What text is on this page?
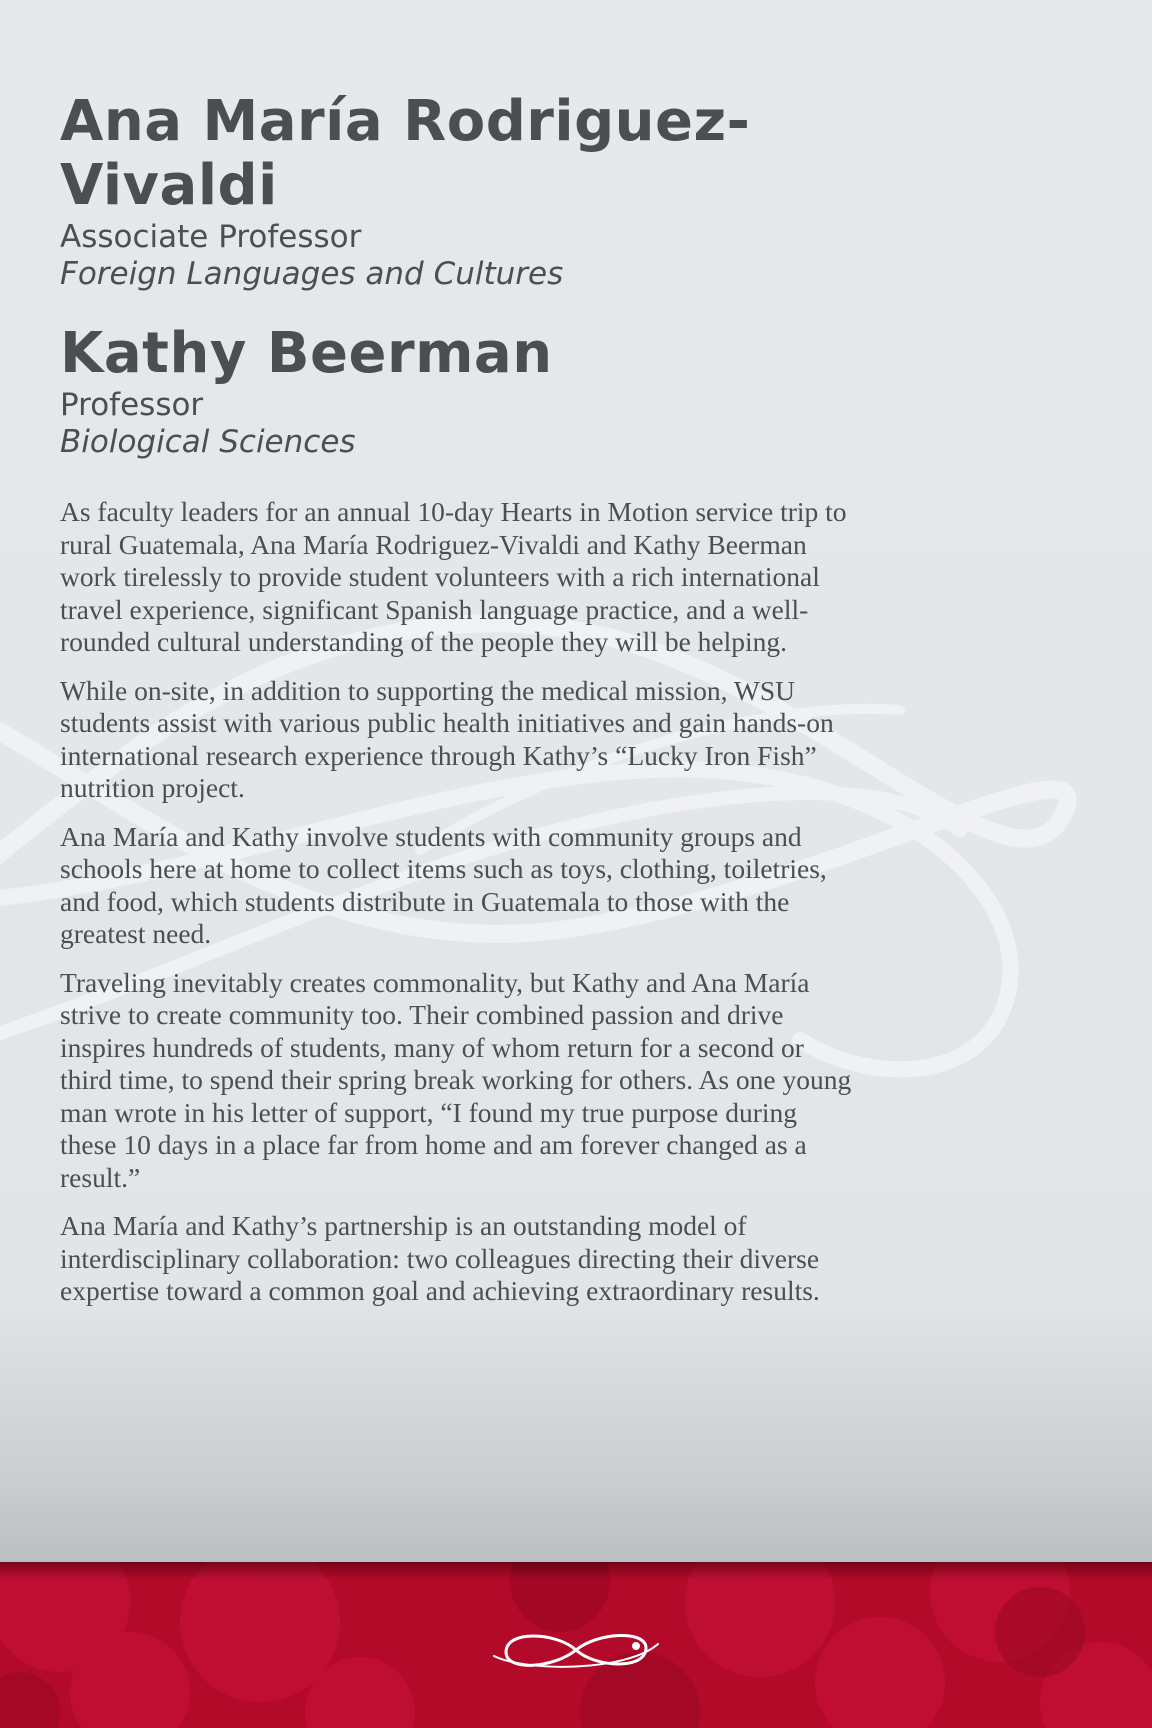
Ana María Rodriguez-Vivaldi

Associate Professor

Foreign Languages and Cultures

Kathy Beerman

Professor

Biological Sciences

As faculty leaders for an annual 10-day Hearts in Motion service trip to rural Guatemala, Ana María Rodriguez-Vivaldi and Kathy Beerman work tirelessly to provide student volunteers with a rich international travel experience, significant Spanish language practice, and a well-rounded cultural understanding of the people they will be helping.

While on-site, in addition to supporting the medical mission, WSU students assist with various public health initiatives and gain hands-on international research experience through Kathy’s “Lucky Iron Fish” nutrition project.

Ana María and Kathy involve students with community groups and schools here at home to collect items such as toys, clothing, toiletries, and food, which students distribute in Guatemala to those with the greatest need.

Traveling inevitably creates commonality, but Kathy and Ana María strive to create community too. Their combined passion and drive inspires hundreds of students, many of whom return for a second or third time, to spend their spring break working for others. As one young man wrote in his letter of support, “I found my true purpose during these 10 days in a place far from home and am forever changed as a result.”

Ana María and Kathy’s partnership is an outstanding model of interdisciplinary collaboration: two colleagues directing their diverse expertise toward a common goal and achieving extraordinary results.
